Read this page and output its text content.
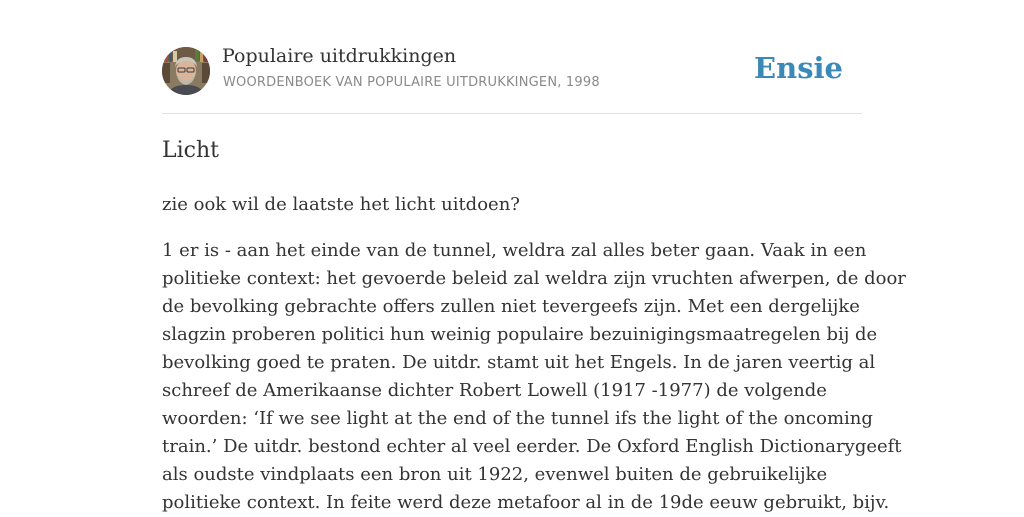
Populaire uitdrukkingen
WOORDENBOEK VAN POPULAIRE UITDRUKKINGEN, 1998	Ensie
Licht

zie ook wil de laatste het licht uitdoen?

1 er is - aan het einde van de tunnel, weldra zal alles beter gaan. Vaak in een
politieke context: het gevoerde beleid zal weldra zijn vruchten afwerpen, de door
de bevolking gebrachte offers zullen niet tevergeefs zijn. Met een dergelijke
slagzin proberen politici hun weinig populaire bezuinigingsmaatregelen bij de
bevolking goed te praten. De uitdr. stamt uit het Engels. In de jaren veertig al
schreef de Amerikaanse dichter Robert Lowell (1917 -1977) de volgende
woorden: ‘If we see light at the end of the tunnel ifs the light of the oncoming
train.’ De uitdr. bestond echter al veel eerder. De Oxford English Dictionarygeeft
als oudste vindplaats een bron uit 1922, evenwel buiten de gebruikelijke
politieke context. In feite werd deze metafoor al in de 19de eeuw gebruikt, bijv.
